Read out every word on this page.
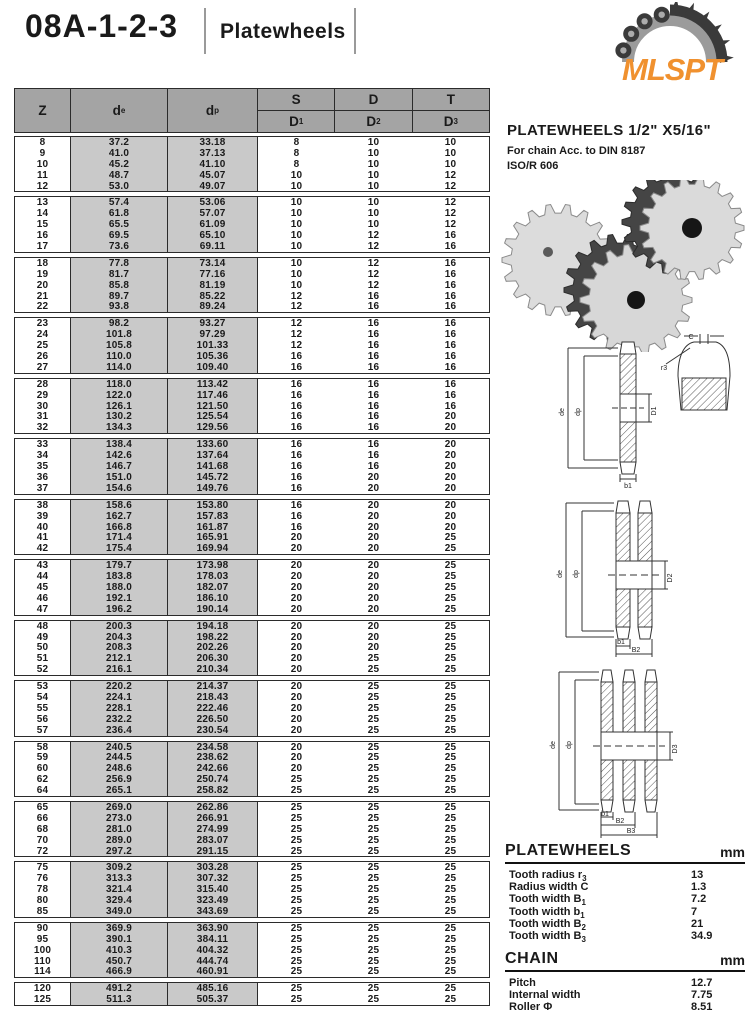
08A-1-2-3 Platewheels
MLSPT
Z	d e	d p
S	D	T
D 1	D 2	D 3
8	37.2	33.18	8	10	10
9	41.0	37.13	8	10	10
10	45.2	41.10	8	10	10
11	48.7	45.07	10	10	12
12	53.0	49.07	10	10	12
13	57.4	53.06	10	10	12
14	61.8	57.07	10	10	12
15	65.5	61.09	10	10	12
16	69.5	65.10	10	12	16
17	73.6	69.11	10	12	16
18	77.8	73.14	10	12	16
19	81.7	77.16	10	12	16
20	85.8	81.19	10	12	16
21	89.7	85.22	12	16	16
22	93.8	89.24	12	16	16
23	98.2	93.27	12	16	16
24	101.8	97.29	12	16	16
25	105.8	101.33	12	16	16
26	110.0	105.36	16	16	16
27	114.0	109.40	16	16	16
28	118.0	113.42	16	16	16
29	122.0	117.46	16	16	16
30	126.1	121.50	16	16	16
31	130.2	125.54	16	16	20
32	134.3	129.56	16	16	20
33	138.4	133.60	16	16	20
34	142.6	137.64	16	16	20
35	146.7	141.68	16	16	20
36	151.0	145.72	16	20	20
37	154.6	149.76	16	20	20
38	158.6	153.80	16	20	20
39	162.7	157.83	16	20	20
40	166.8	161.87	16	20	20
41	171.4	165.91	20	20	25
42	175.4	169.94	20	20	25
43	179.7	173.98	20	20	25
44	183.8	178.03	20	20	25
45	188.0	182.07	20	20	25
46	192.1	186.10	20	20	25
47	196.2	190.14	20	20	25
48	200.3	194.18	20	20	25
49	204.3	198.22	20	20	25
50	208.3	202.26	20	20	25
51	212.1	206.30	20	25	25
52	216.1	210.34	20	25	25
53	220.2	214.37	20	25	25
54	224.1	218.43	20	25	25
55	228.1	222.46	20	25	25
56	232.2	226.50	20	25	25
57	236.4	230.54	20	25	25
58	240.5	234.58	20	25	25
59	244.5	238.62	20	25	25
60	248.6	242.66	20	25	25
62	256.9	250.74	25	25	25
64	265.1	258.82	25	25	25
65	269.0	262.86	25	25	25
66	273.0	266.91	25	25	25
68	281.0	274.99	25	25	25
70	289.0	283.07	25	25	25
72	297.2	291.15	25	25	25
75	309.2	303.28	25	25	25
76	313.3	307.32	25	25	25
78	321.4	315.40	25	25	25
80	329.4	323.49	25	25	25
85	349.0	343.69	25	25	25
90	369.9	363.90	25	25	25
95	390.1	384.11	25	25	25
100	410.3	404.32	25	25	25
110	450.7	444.74	25	25	25
114	466.9	460.91	25	25	25
120	491.2	485.16	25	25	25
125	511.3	505.37	25	25	25
PLATEWHEELS 1/2" X5/16"
For chain Acc. to DIN 8187
ISO/R 606
de dp	D1
b1
C
r3
de dp	D2
b1
B2
de dp	D3
b1
B2
B3
PLATEWHEELS	mm
Tooth radius $r_3$	13
Radius width C	1.3
Tooth width $B_1$	7.2
Tooth width $b_1$	7
Tooth width $B_2$	21
Tooth width $B_3$	34.9
CHAIN	mm
Pitch	12.7
Internal width	7.75
Roller Φ	8.51
